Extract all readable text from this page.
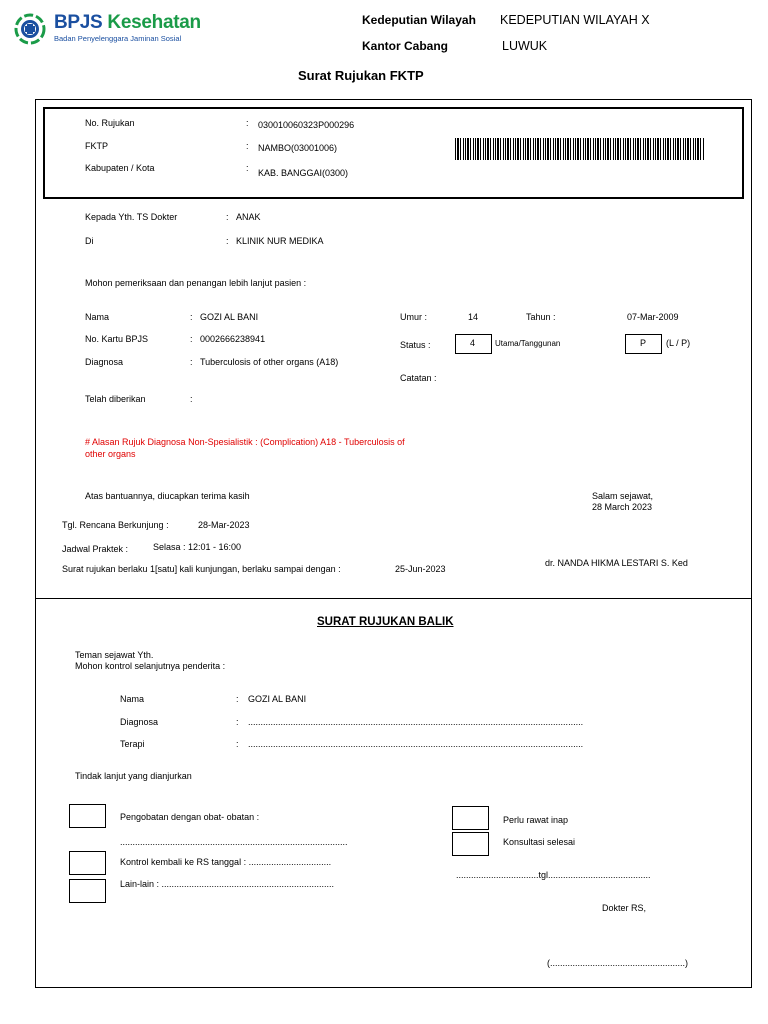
BPJS Kesehatan
Badan Penyelenggara Jaminan Sosial
Kedeputian Wilayah KEDEPUTIAN WILAYAH X
Kantor Cabang	LUWUK
Surat Rujukan FKTP
No. Rujukan	: 030010060323P000296
FKTP	: NAMBO(03001006)
Kabupaten / Kota	: KAB. BANGGAI(0300)
Kepada Yth. TS Dokter	: ANAK
Di	: KLINIK NUR MEDIKA
Mohon pemeriksaan dan penangan lebih lanjut pasien :
Nama	: GOZI AL BANI
No. Kartu BPJS	: 0002666238941
Diagnosa	: Tuberculosis of other organs (A18)
Telah diberikan	:
Umur :	14	Tahun :	07-Mar-2009
Status :	4 Utama/Tanggunan	P (L / P)
Catatan :
# Alasan Rujuk Diagnosa Non-Spesialistik : (Complication) A18 - Tuberculosis of
other organs
Atas bantuannya, diucapkan terima kasih	Salam sejawat,
28 March 2023
Tgl. Rencana Berkunjung :	28-Mar-2023
Jadwal Praktek :	Selasa : 12:01 - 16:00
Surat rujukan berlaku 1[satu] kali kunjungan, berlaku sampai dengan :	25-Jun-2023
dr. NANDA HIKMA LESTARI S. Ked
SURAT RUJUKAN BALIK
Teman sejawat Yth.
Mohon kontrol selanjutnya penderita :
Nama	: GOZI AL BANI
Diagnosa	: ......................................................................................................................................
Terapi	: ......................................................................................................................................
Tindak lanjut yang dianjurkan
Pengobatan dengan obat- obatan :
...........................................................................................
Kontrol kembali ke RS tanggal : .................................
Lain-lain : .....................................................................
Perlu rawat inap
Konsultasi selesai
.................................tgl.........................................
Dokter RS,
(......................................................)
